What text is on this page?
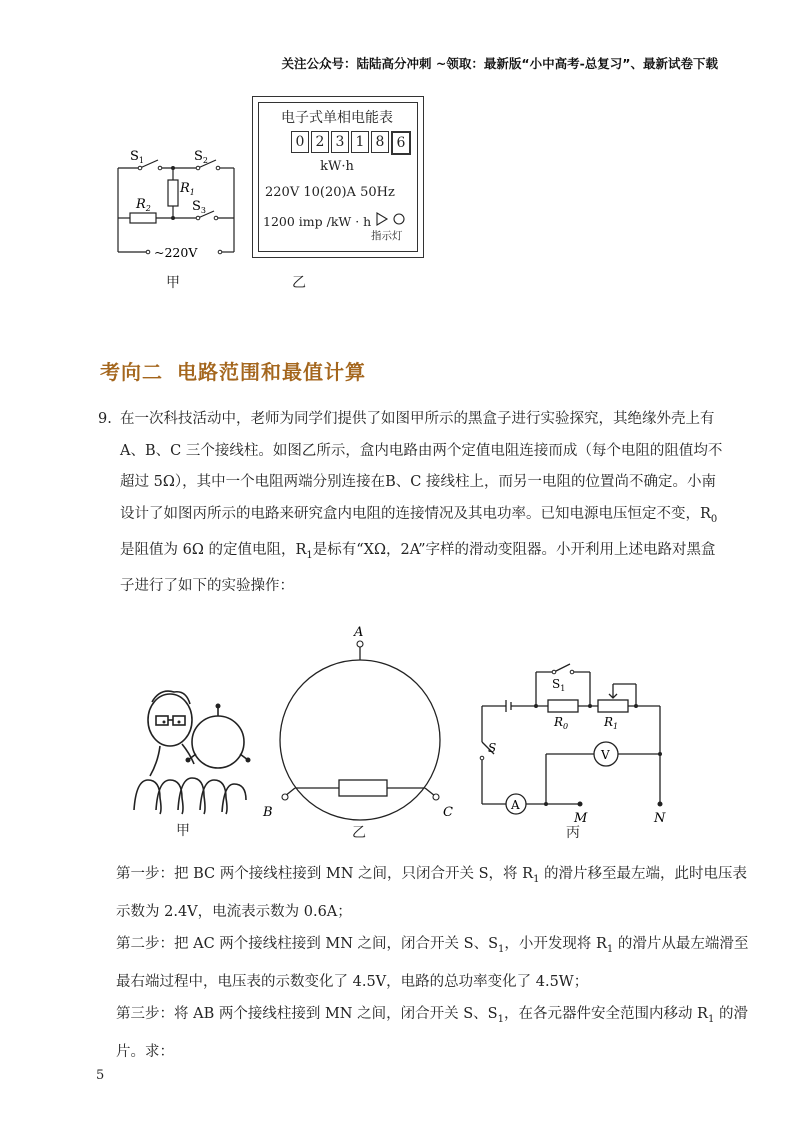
关注公众号：陆陆高分冲刺 ~领取：最新版“小中高考-总复习”、最新试卷下载
$S_1$	$S_2$
$R_1$
$R_2$	$S_3$
~220V
甲
电子式单相电能表
0 2 3 1 8 6
kW·h
220V 10(20)A 50Hz
1200 imp /kW · h
指示灯
乙
考向二 电路范围和最值计算
9. 在一次科技活动中，老师为同学们提供了如图甲所示的黑盒子进行实验探究，其绝缘外壳上有
A、B、C 三个接线柱。如图乙所示，盒内电路由两个定值电阻连接而成（每个电阻的阻值均不
超过 5Ω），其中一个电阻两端分别连接在B、C 接线柱上，而另一电阻的位置尚不确定。小南
设计了如图丙所示的电路来研究盒内电阻的连接情况及其电功率。已知电源电压恒定不变，$R_0$
是阻值为 6Ω 的定值电阻，$R_1$是标有“XΩ，2A”字样的滑动变阻器。小开利用上述电路对黑盒
子进行了如下的实验操作：
甲
A
B	C
乙
V
A
$S_1$
$R_0$	$R_1$
S
M	N
丙
第一步：把 BC 两个接线柱接到 MN 之间，只闭合开关 S，将 $R_1$ 的滑片移至最左端，此时电压表
示数为 2.4V，电流表示数为 0.6A；
第二步：把 AC 两个接线柱接到 MN 之间，闭合开关 S、$S_1$，小开发现将 $R_1$ 的滑片从最左端滑至
最右端过程中，电压表的示数变化了 4.5V，电路的总功率变化了 4.5W；
第三步：将 AB 两个接线柱接到 MN 之间，闭合开关 S、$S_1$，在各元器件安全范围内移动 $R_1$ 的滑
片。求：
5
